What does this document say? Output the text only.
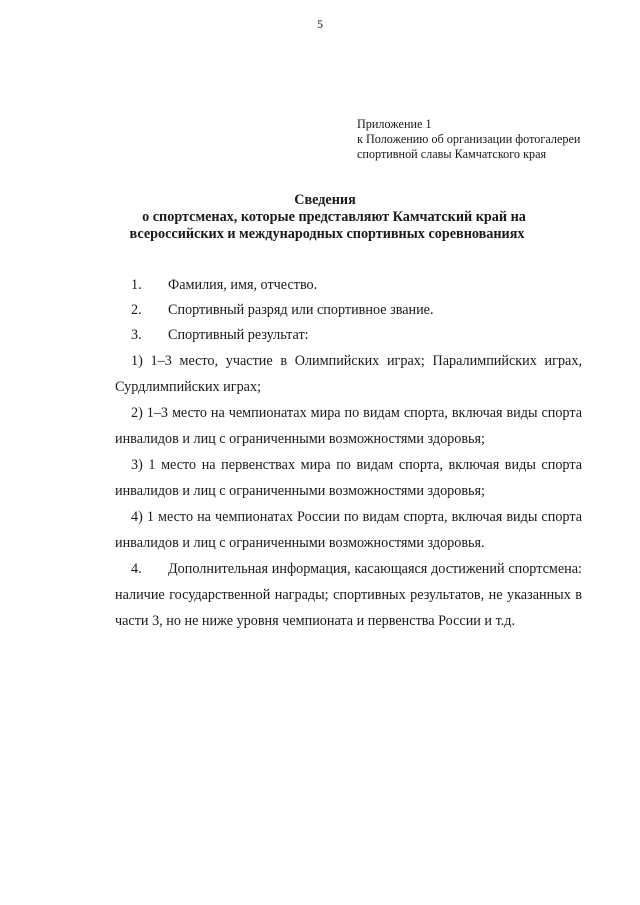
5
Приложение 1
к Положению об организации фотогалереи
спортивной славы Камчатского края
Сведения
о спортсменах, которые представляют Камчатский край на
всероссийских и международных спортивных соревнованиях
1. Фамилия, имя, отчество.
2. Спортивный разряд или спортивное звание.
3. Спортивный результат:
1) 1–3 место, участие в Олимпийских играх; Паралимпийских играх,
Сурдлимпийских играх;
2) 1–3 место на чемпионатах мира по видам спорта, включая виды спорта
инвалидов и лиц с ограниченными возможностями здоровья;
3) 1 место на первенствах мира по видам спорта, включая виды спорта
инвалидов и лиц с ограниченными возможностями здоровья;
4) 1 место на чемпионатах России по видам спорта, включая виды спорта
инвалидов и лиц с ограниченными возможностями здоровья.
4. Дополнительная информация, касающаяся достижений спортсмена:
наличие государственной награды; спортивных результатов, не указанных в
части 3, но не ниже уровня чемпионата и первенства России и т.д.
